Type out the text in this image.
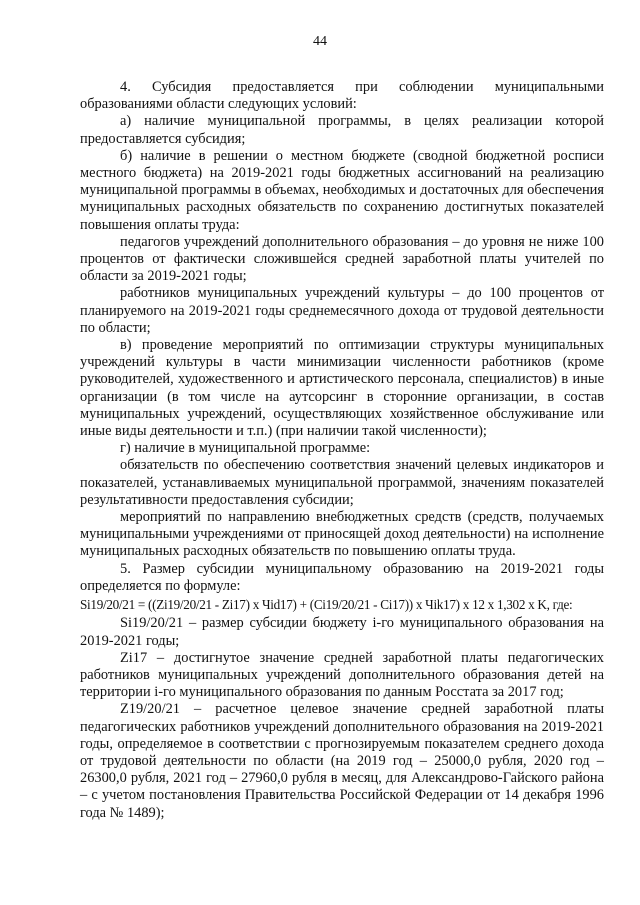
44

4. Субсидия предоставляется при соблюдении муниципальными образованиями области следующих условий:

а) наличие муниципальной программы, в целях реализации которой предоставляется субсидия;

б) наличие в решении о местном бюджете (сводной бюджетной росписи местного бюджета) на 2019-2021 годы бюджетных ассигнований на реализацию муниципальной программы в объемах, необходимых и достаточных для обеспечения муниципальных расходных обязательств по сохранению достигнутых показателей повышения оплаты труда:

педагогов учреждений дополнительного образования – до уровня не ниже 100 процентов от фактически сложившейся средней заработной платы учителей по области за 2019-2021 годы;

работников муниципальных учреждений культуры – до 100 процентов от планируемого на 2019-2021 годы среднемесячного дохода от трудовой деятельности по области;

в) проведение мероприятий по оптимизации структуры муниципальных учреждений культуры в части минимизации численности работников (кроме руководителей, художественного и артистического персонала, специалистов) в иные организации (в том числе на аутсорсинг в сторонние организации, в состав муниципальных учреждений, осуществляющих хозяйственное обслуживание или иные виды деятельности и т.п.) (при наличии такой численности);

г) наличие в муниципальной программе:

обязательств по обеспечению соответствия значений целевых индикаторов и показателей, устанавливаемых муниципальной программой, значениям показателей результативности предоставления субсидии;

мероприятий по направлению внебюджетных средств (средств, получаемых муниципальными учреждениями от приносящей доход деятельности) на исполнение муниципальных расходных обязательств по повышению оплаты труда.

5. Размер субсидии муниципальному образованию на 2019-2021 годы определяется по формуле:

Si19/20/21 = ((Zi19/20/21 - Zi17) x Чid17) + (Ci19/20/21 - Ci17)) x Чik17) x 12 x 1,302 x K, где:

Si19/20/21 – размер субсидии бюджету i-го муниципального образования на 2019-2021 годы;

Zi17 – достигнутое значение средней заработной платы педагогических работников муниципальных учреждений дополнительного образования детей на территории i-го муниципального образования по данным Росстата за 2017 год;

Z19/20/21 – расчетное целевое значение средней заработной платы педагогических работников учреждений дополнительного образования на 2019-2021 годы, определяемое в соответствии с прогнозируемым показателем среднего дохода от трудовой деятельности по области (на 2019 год – 25000,0 рубля, 2020 год – 26300,0 рубля, 2021 год – 27960,0 рубля в месяц, для Александрово-Гайского района – с учетом постановления Правительства Российской Федерации от 14 декабря 1996 года № 1489);
